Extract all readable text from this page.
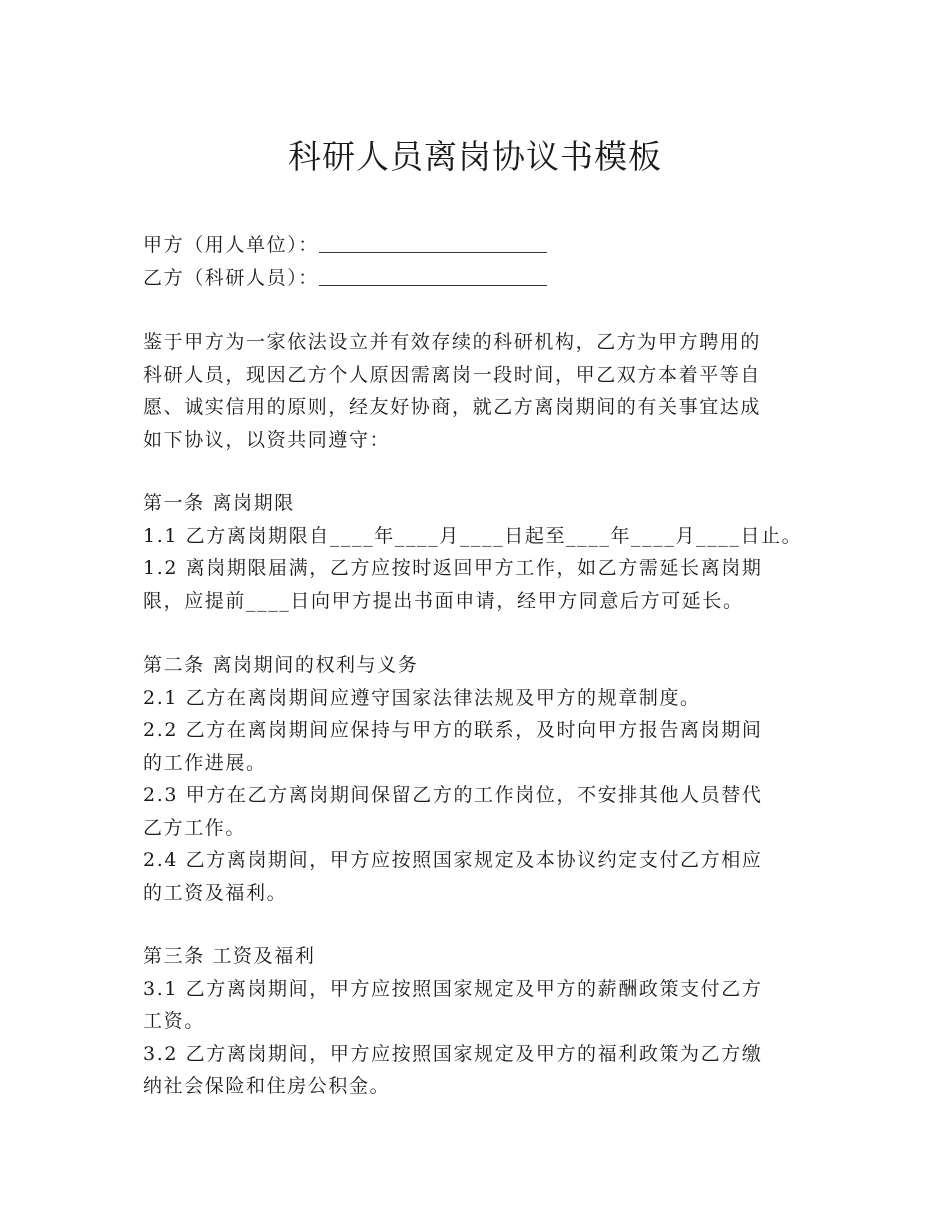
科研人员离岗协议书模板
甲方（用人单位）：
乙方（科研人员）：

鉴于甲方为一家依法设立并有效存续的科研机构，乙方为甲方聘用的

科研人员，现因乙方个人原因需离岗一段时间，甲乙双方本着平等自

愿、诚实信用的原则，经友好协商，就乙方离岗期间的有关事宜达成

如下协议，以资共同遵守：

第一条 离岗期限

1.1 乙方离岗期限自____年____月____日起至____年____月____日止。

1.2 离岗期限届满，乙方应按时返回甲方工作，如乙方需延长离岗期

限，应提前____日向甲方提出书面申请，经甲方同意后方可延长。

第二条 离岗期间的权利与义务

2.1 乙方在离岗期间应遵守国家法律法规及甲方的规章制度。

2.2 乙方在离岗期间应保持与甲方的联系，及时向甲方报告离岗期间

的工作进展。

2.3 甲方在乙方离岗期间保留乙方的工作岗位，不安排其他人员替代

乙方工作。

2.4 乙方离岗期间，甲方应按照国家规定及本协议约定支付乙方相应

的工资及福利。

第三条 工资及福利

3.1 乙方离岗期间，甲方应按照国家规定及甲方的薪酬政策支付乙方

工资。

3.2 乙方离岗期间，甲方应按照国家规定及甲方的福利政策为乙方缴

纳社会保险和住房公积金。
